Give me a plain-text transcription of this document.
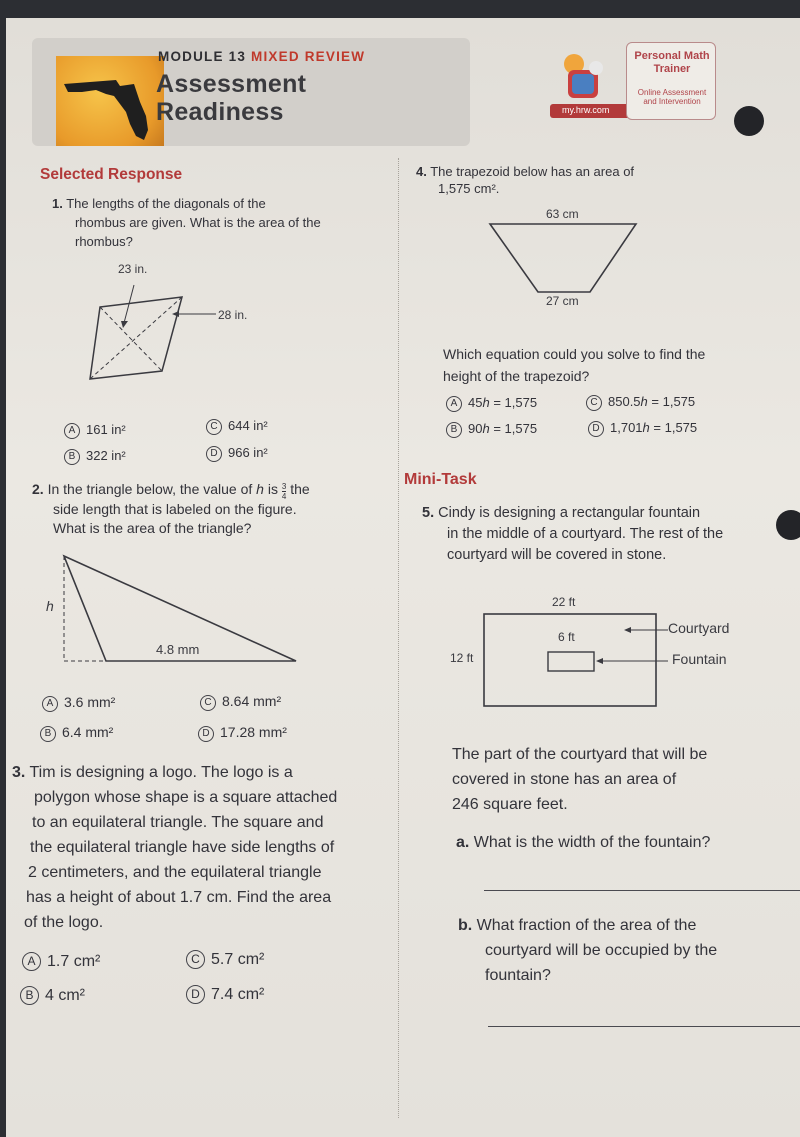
MODULE 13 MIXED REVIEW
Assessment
Readiness	my.hrw.com
Personal Math Trainer
Online Assessment and Intervention
Selected Response
1. The lengths of the diagonals of the
rhombus are given. What is the area of the
rhombus?
23 in.
28 in.
A 161 in²	C 644 in²
B 322 in²	D 966 in²
2. In the triangle below, the value of h is $\frac{3}{4}$ the
side length that is labeled on the figure.
What is the area of the triangle?
h
4.8 mm
A 3.6 mm²	C 8.64 mm²
B 6.4 mm²	D 17.28 mm²
3. Tim is designing a logo. The logo is a
polygon whose shape is a square attached
to an equilateral triangle. The square and
the equilateral triangle have side lengths of
2 centimeters, and the equilateral triangle
has a height of about 1.7 cm. Find the area
of the logo.
A 1.7 cm²	C 5.7 cm²
B 4 cm²	D 7.4 cm²
4. The trapezoid below has an area of
1,575 cm².
63 cm
27 cm
Which equation could you solve to find the
height of the trapezoid?
A 45h = 1,575	C 850.5h = 1,575
B 90h = 1,575	D 1,701h = 1,575
Mini-Task
5. Cindy is designing a rectangular fountain
in the middle of a courtyard. The rest of the
courtyard will be covered in stone.
22 ft
12 ft
6 ft
Courtyard
Fountain
The part of the courtyard that will be
covered in stone has an area of
246 square feet.
a. What is the width of the fountain?
b. What fraction of the area of the
courtyard will be occupied by the
fountain?
